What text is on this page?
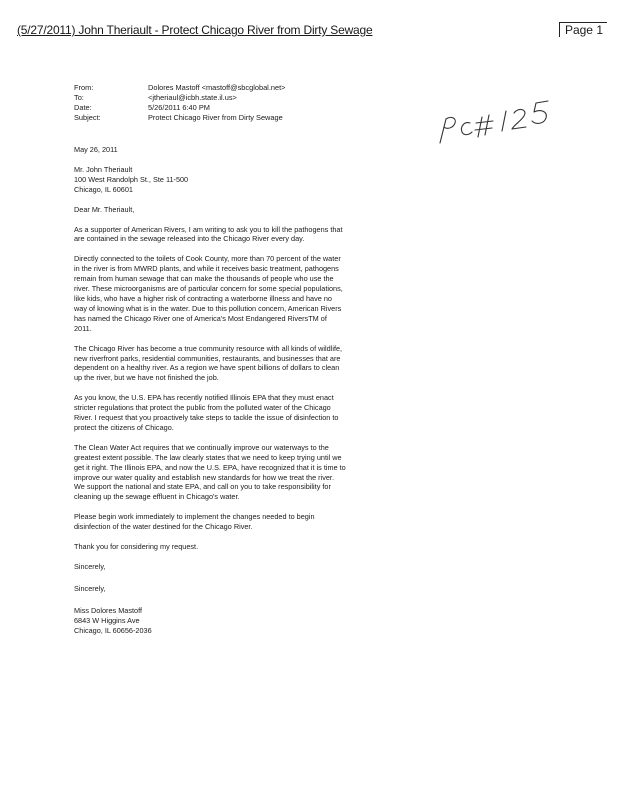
(5/27/2011) John Theriault - Protect Chicago River from Dirty Sewage	Page 1
From:	Dolores Mastoff <mastoff@sbcglobal.net>
To:	<jtheriaul@icbh.state.il.us>
Date:	5/26/2011 6:40 PM
Subject:	Protect Chicago River from Dirty Sewage

May 26, 2011

Mr. John Theriault
100 West Randolph St., Ste 11-500
Chicago, IL 60601

Dear Mr. Theriault,

As a supporter of American Rivers, I am writing to ask you to kill the pathogens that are contained in the sewage released into the Chicago River every day.

Directly connected to the toilets of Cook County, more than 70 percent of the water in the river is from MWRD plants, and while it receives basic treatment, pathogens remain from human sewage that can make the thousands of people who use the river. These microorganisms are of particular concern for some special populations, like kids, who have a higher risk of contracting a waterborne illness and have no way of knowing what is in the water. Due to this pollution concern, American Rivers has named the Chicago River one of America's Most Endangered RiversTM of 2011.

The Chicago River has become a true community resource with all kinds of wildlife, new riverfront parks, residential communities, restaurants, and businesses that are dependent on a healthy river. As a region we have spent billions of dollars to clean up the river, but we have not finished the job.

As you know, the U.S. EPA has recently notified Illinois EPA that they must enact stricter regulations that protect the public from the polluted water of the Chicago River. I request that you proactively take steps to tackle the issue of disinfection to protect the citizens of Chicago.

The Clean Water Act requires that we continually improve our waterways to the greatest extent possible. The law clearly states that we need to keep trying until we get it right. The Illinois EPA, and now the U.S. EPA, have recognized that it is time to improve our water quality and establish new standards for how we treat the river. We support the national and state EPA, and call on you to take responsibility for cleaning up the sewage effluent in Chicago's water.

Please begin work immediately to implement the changes needed to begin disinfection of the water destined for the Chicago River.

Thank you for considering my request.

Sincerely,

Sincerely,

Miss Dolores Mastoff
6843 W Higgins Ave
Chicago, IL 60656-2036
